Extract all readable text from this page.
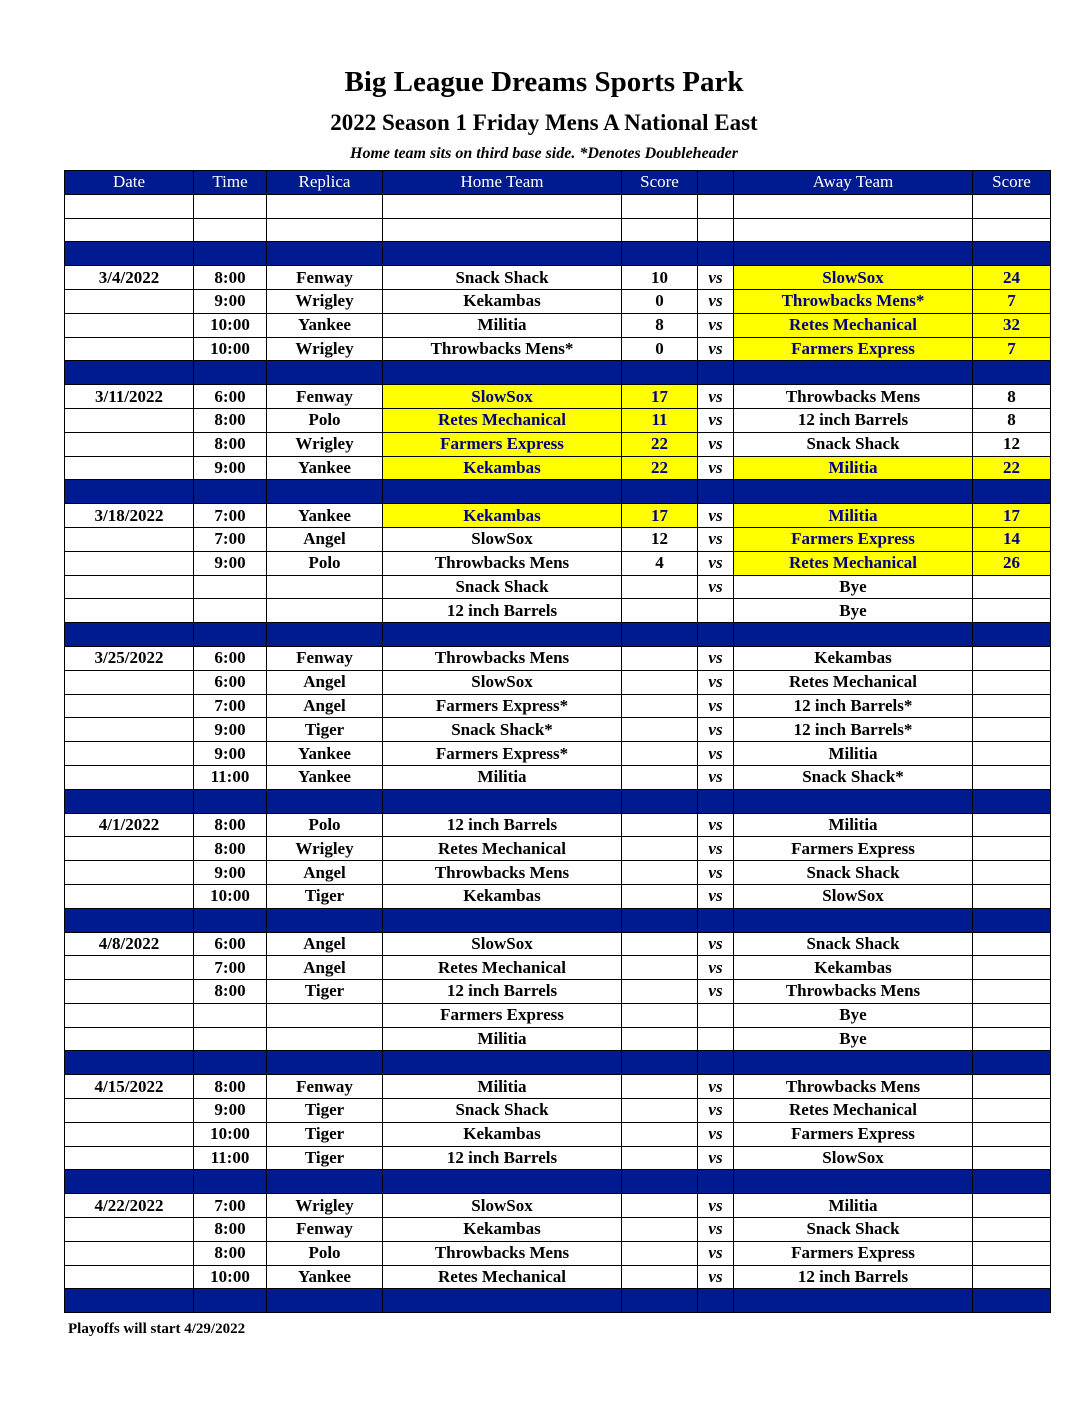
Big League Dreams Sports Park
2022 Season 1 Friday Mens A National East
Home team sits on third base side. *Denotes Doubleheader
Date	Time	Replica	Home Team	Score		Away Team	Score

3/4/2022	8:00	Fenway	Snack Shack	10	vs	SlowSox	24
	9:00	Wrigley	Kekambas	0	vs	Throwbacks Mens*	7
	10:00	Yankee	Militia	8	vs	Retes Mechanical	32
	10:00	Wrigley	Throwbacks Mens*	0	vs	Farmers Express	7

3/11/2022	6:00	Fenway	SlowSox	17	vs	Throwbacks Mens	8
	8:00	Polo	Retes Mechanical	11	vs	12 inch Barrels	8
	8:00	Wrigley	Farmers Express	22	vs	Snack Shack	12
	9:00	Yankee	Kekambas	22	vs	Militia	22

3/18/2022	7:00	Yankee	Kekambas	17	vs	Militia	17
	7:00	Angel	SlowSox	12	vs	Farmers Express	14
	9:00	Polo	Throwbacks Mens	4	vs	Retes Mechanical	26
			Snack Shack		vs	Bye	
			12 inch Barrels			Bye	

3/25/2022	6:00	Fenway	Throwbacks Mens		vs	Kekambas	
	6:00	Angel	SlowSox		vs	Retes Mechanical	
	7:00	Angel	Farmers Express*		vs	12 inch Barrels*	
	9:00	Tiger	Snack Shack*		vs	12 inch Barrels*	
	9:00	Yankee	Farmers Express*		vs	Militia	
	11:00	Yankee	Militia		vs	Snack Shack*	

4/1/2022	8:00	Polo	12 inch Barrels		vs	Militia	
	8:00	Wrigley	Retes Mechanical		vs	Farmers Express	
	9:00	Angel	Throwbacks Mens		vs	Snack Shack	
	10:00	Tiger	Kekambas		vs	SlowSox	

4/8/2022	6:00	Angel	SlowSox		vs	Snack Shack	
	7:00	Angel	Retes Mechanical		vs	Kekambas	
	8:00	Tiger	12 inch Barrels		vs	Throwbacks Mens	
			Farmers Express			Bye	
			Militia			Bye	

4/15/2022	8:00	Fenway	Militia		vs	Throwbacks Mens	
	9:00	Tiger	Snack Shack		vs	Retes Mechanical	
	10:00	Tiger	Kekambas		vs	Farmers Express	
	11:00	Tiger	12 inch Barrels		vs	SlowSox	

4/22/2022	7:00	Wrigley	SlowSox		vs	Militia	
	8:00	Fenway	Kekambas		vs	Snack Shack	
	8:00	Polo	Throwbacks Mens		vs	Farmers Express	
	10:00	Yankee	Retes Mechanical		vs	12 inch Barrels	

Playoffs will start 4/29/2022
